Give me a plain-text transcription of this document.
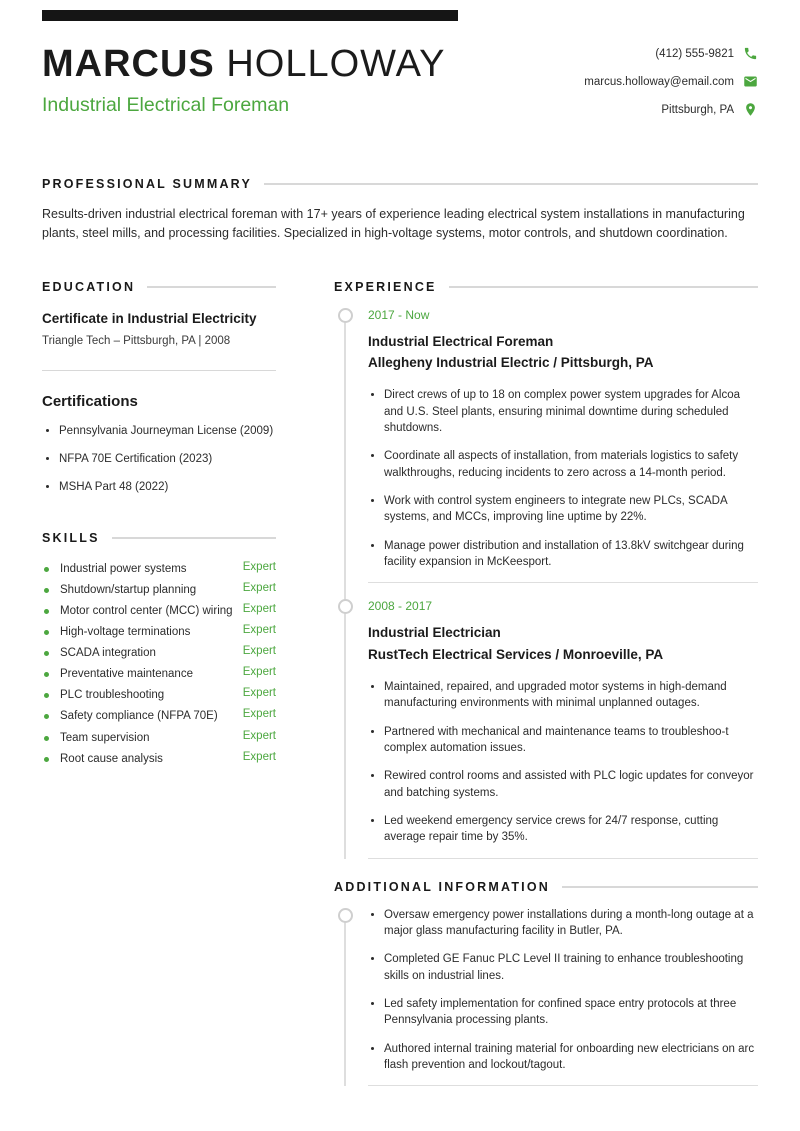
MARCUS HOLLOWAY
Industrial Electrical Foreman
(412) 555-9821
marcus.holloway@email.com
Pittsburgh, PA
PROFESSIONAL SUMMARY

Results-driven industrial electrical foreman with 17+ years of experience leading electrical system installations in manufacturing plants, steel mills, and processing facilities. Specialized in high-voltage systems, motor controls, and shutdown coordination.

EDUCATION
Certificate in Industrial Electricity
Triangle Tech – Pittsburgh, PA | 2008
Certifications
• Pennsylvania Journeyman License (2009)
• NFPA 70E Certification (2023)
• MSHA Part 48 (2022)
SKILLS
Industrial power systems	Expert
Shutdown/startup planning	Expert
Motor control center (MCC) wiring Expert
High-voltage terminations	Expert
SCADA integration	Expert
Preventative maintenance	Expert
PLC troubleshooting	Expert
Safety compliance (NFPA 70E)	Expert
Team supervision	Expert
Root cause analysis	Expert
EXPERIENCE
2017 - Now
Industrial Electrical Foreman
Allegheny Industrial Electric / Pittsburgh, PA
• Direct crews of up to 18 on complex power system upgrades for Alcoa and U.S. Steel plants, ensuring minimal downtime during scheduled shutdowns.
• Coordinate all aspects of installation, from materials logistics to safety walkthroughs, reducing incidents to zero across a 14-month period.
• Work with control system engineers to integrate new PLCs, SCADA systems, and MCCs, improving line uptime by 22%.
• Manage power distribution and installation of 13.8kV switchgear during facility expansion in McKeesport.
2008 - 2017
Industrial Electrician
RustTech Electrical Services / Monroeville, PA
• Maintained, repaired, and upgraded motor systems in high-demand manufacturing environments with minimal unplanned outages.
• Partnered with mechanical and maintenance teams to troubleshoo-t complex automation issues.
• Rewired control rooms and assisted with PLC logic updates for conveyor and batching systems.
• Led weekend emergency service crews for 24/7 response, cutting average repair time by 35%.
ADDITIONAL INFORMATION
• Oversaw emergency power installations during a month-long outage at a major glass manufacturing facility in Butler, PA.
• Completed GE Fanuc PLC Level II training to enhance troubleshooting skills on industrial lines.
• Led safety implementation for confined space entry protocols at three Pennsylvania processing plants.
• Authored internal training material for onboarding new electricians on arc flash prevention and lockout/tagout.
